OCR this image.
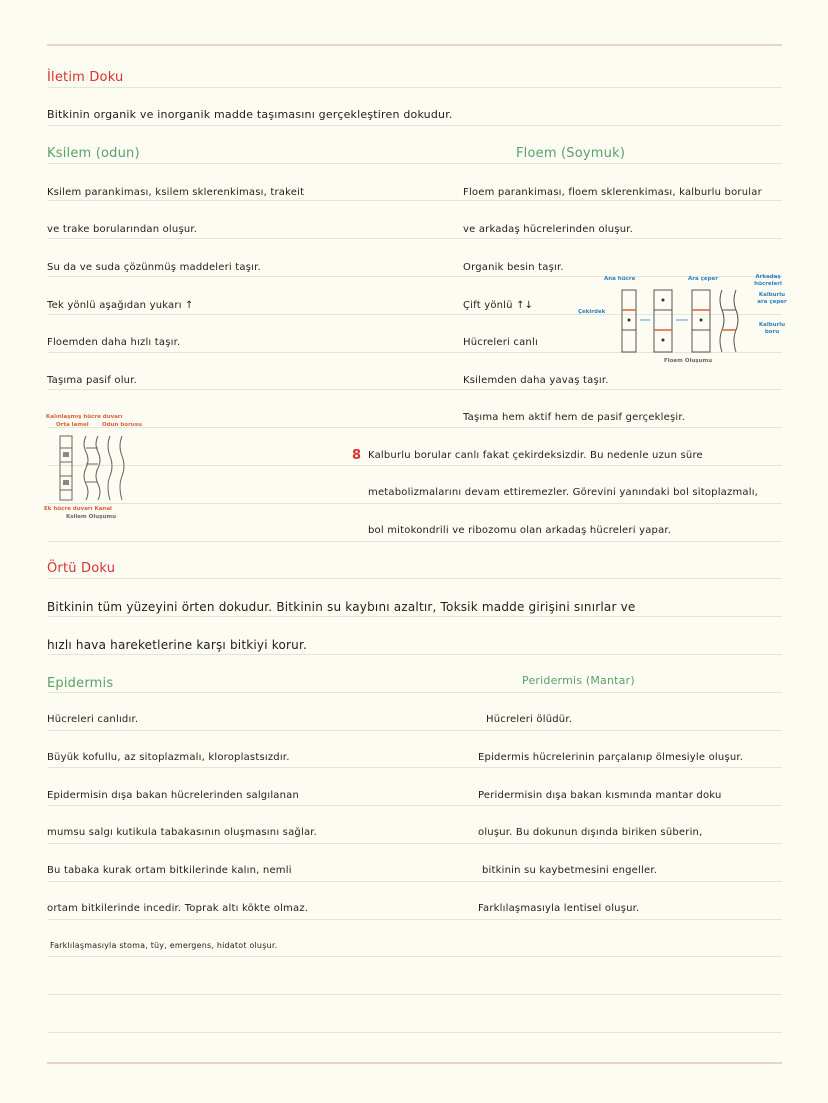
İletim Doku
Bitkinin organik ve inorganik madde taşımasını gerçekleştiren dokudur.
Ksilem (odun)
Ksilem parankiması, ksilem sklerenkiması, trakeit
ve trake borularından oluşur.
Su da ve suda çözünmüş maddeleri taşır.
Tek yönlü aşağıdan yukarı ↑
Floemden daha hızlı taşır.
Taşıma pasif olur.
Kalınlaşmış hücre duvarı
Orta lamel Odun borusu
Ek hücre duvarı Kanal
Ksilem Oluşumu
Floem (Soymuk)
Floem parankiması, floem sklerenkiması, kalburlu borular
ve arkadaş hücrelerinden oluşur.
Organik besin taşır.
Çift yönlü ↑↓
Hücreleri canlı
Ksilemden daha yavaş taşır.
Taşıma hem aktif hem de pasif gerçekleşir.
Ana hücre	Ara çeper	Arkadaş hücreleri
Çekirdek
Kalburlu ara çeper
Kalburlu boru
Floem Oluşumu
8 Kalburlu borular canlı fakat çekirdeksizdir. Bu nedenle uzun süre
metabolizmalarını devam ettiremezler. Görevini yanındaki bol sitoplazmalı,
bol mitokondrili ve ribozomu olan arkadaş hücreleri yapar.
Örtü Doku
Bitkinin tüm yüzeyini örten dokudur. Bitkinin su kaybını azaltır, Toksik madde girişini sınırlar ve
hızlı hava hareketlerine karşı bitkiyi korur.
Epidermis
Hücreleri canlıdır.
Büyük kofullu, az sitoplazmalı, kloroplastsızdır.
Epidermisin dışa bakan hücrelerinden salgılanan
mumsu salgı kutikula tabakasının oluşmasını sağlar.
Bu tabaka kurak ortam bitkilerinde kalın, nemli
ortam bitkilerinde incedir. Toprak altı kökte olmaz.
Farklılaşmasıyla stoma, tüy, emergens, hidatot oluşur.
Peridermis (Mantar)
Hücreleri ölüdür.
Epidermis hücrelerinin parçalanıp ölmesiyle oluşur.
Peridermisin dışa bakan kısmında mantar doku
oluşur. Bu dokunun dışında biriken süberin,
bitkinin su kaybetmesini engeller.
Farklılaşmasıyla lentisel oluşur.
